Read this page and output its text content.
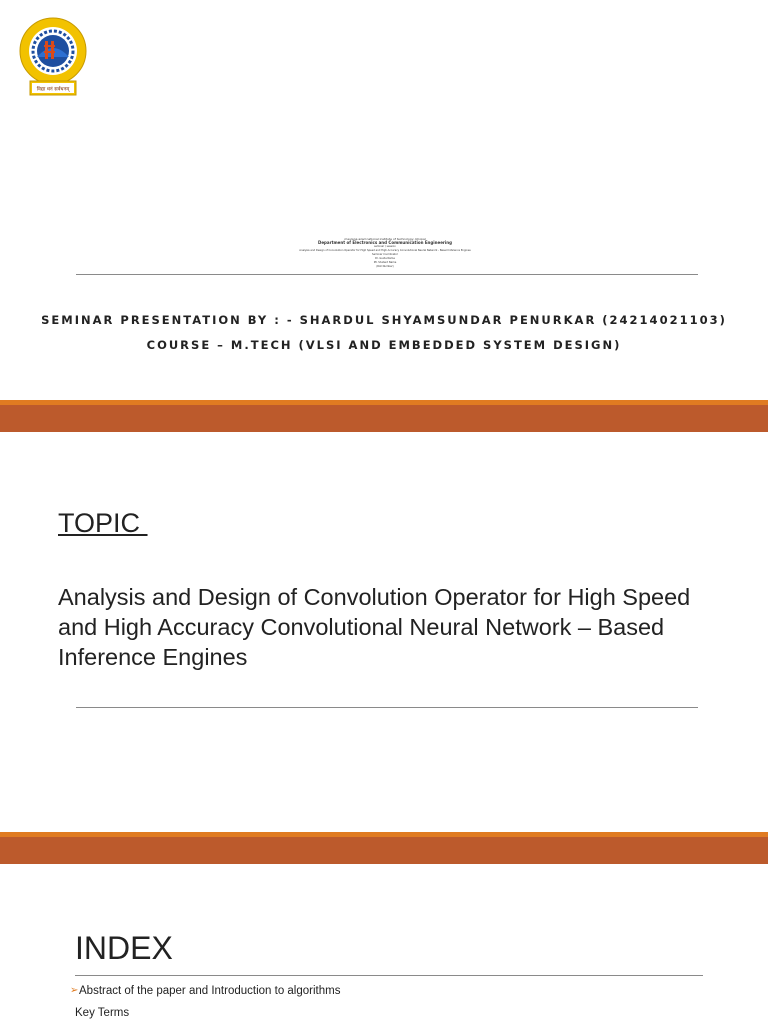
विद्या धनं सर्वधनम्
maulana azad national institute of technology, bhopal
Department of Electronics and Communication Engineering
seminar / session
Analysis and Design of Convolution Operator for High Speed and High Accuracy Convolutional Neural Network - Based Inference Engines
Seminar Coordinator
Dr. Guide Name
Mr. Student Name
(Roll Number)
SEMINAR PRESENTATION BY : - SHARDUL SHYAMSUNDAR PENURKAR (24214021103)
COURSE – M.TECH (VLSI AND EMBEDDED SYSTEM DESIGN)
TOPIC
Analysis and Design of Convolution Operator for High Speed and High Accuracy Convolutional Neural Network – Based Inference Engines
INDEX
➢ Abstract of the paper and Introduction to algorithms
Key Terms
